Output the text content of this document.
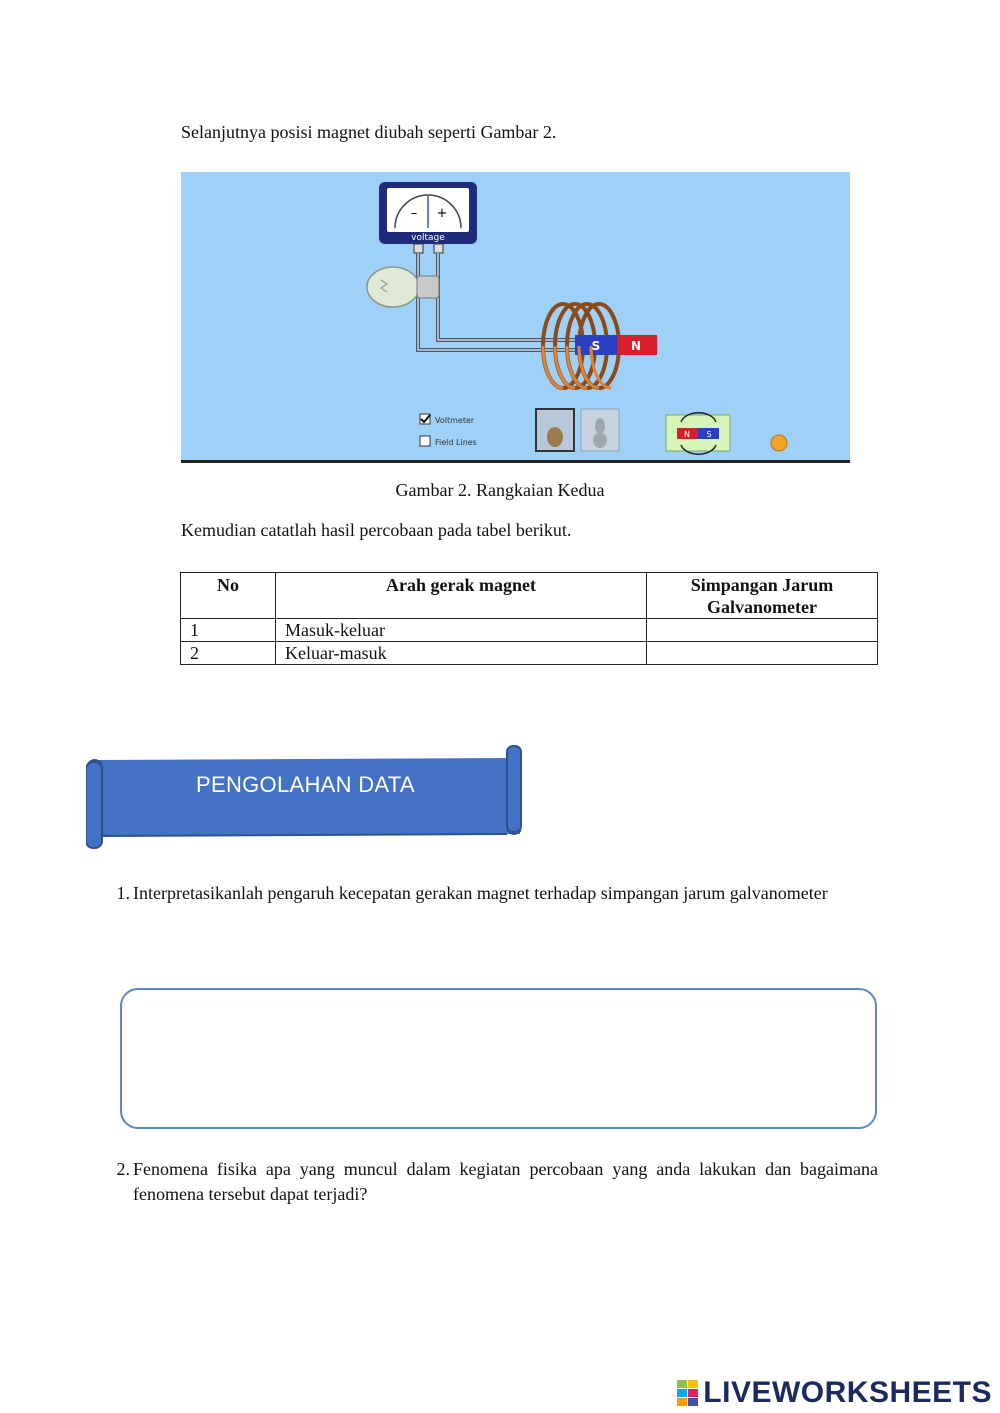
Selanjutnya posisi magnet diubah seperti Gambar 2.
– +
voltage
S	N
Voltmeter
Field Lines
N S
Gambar 2. Rangkaian Kedua
Kemudian catatlah hasil percobaan pada tabel berikut.
No	Arah gerak magnet	Simpangan Jarum Galvanometer
1	Masuk-keluar	
2	Keluar-masuk	
PENGOLAHAN DATA
1. Interpretasikanlah pengaruh kecepatan gerakan magnet terhadap simpangan jarum galvanometer
2. Fenomena fisika apa yang muncul dalam kegiatan percobaan yang anda lakukan dan bagaimana fenomena tersebut dapat terjadi?
LIVEWORKSHEETS
